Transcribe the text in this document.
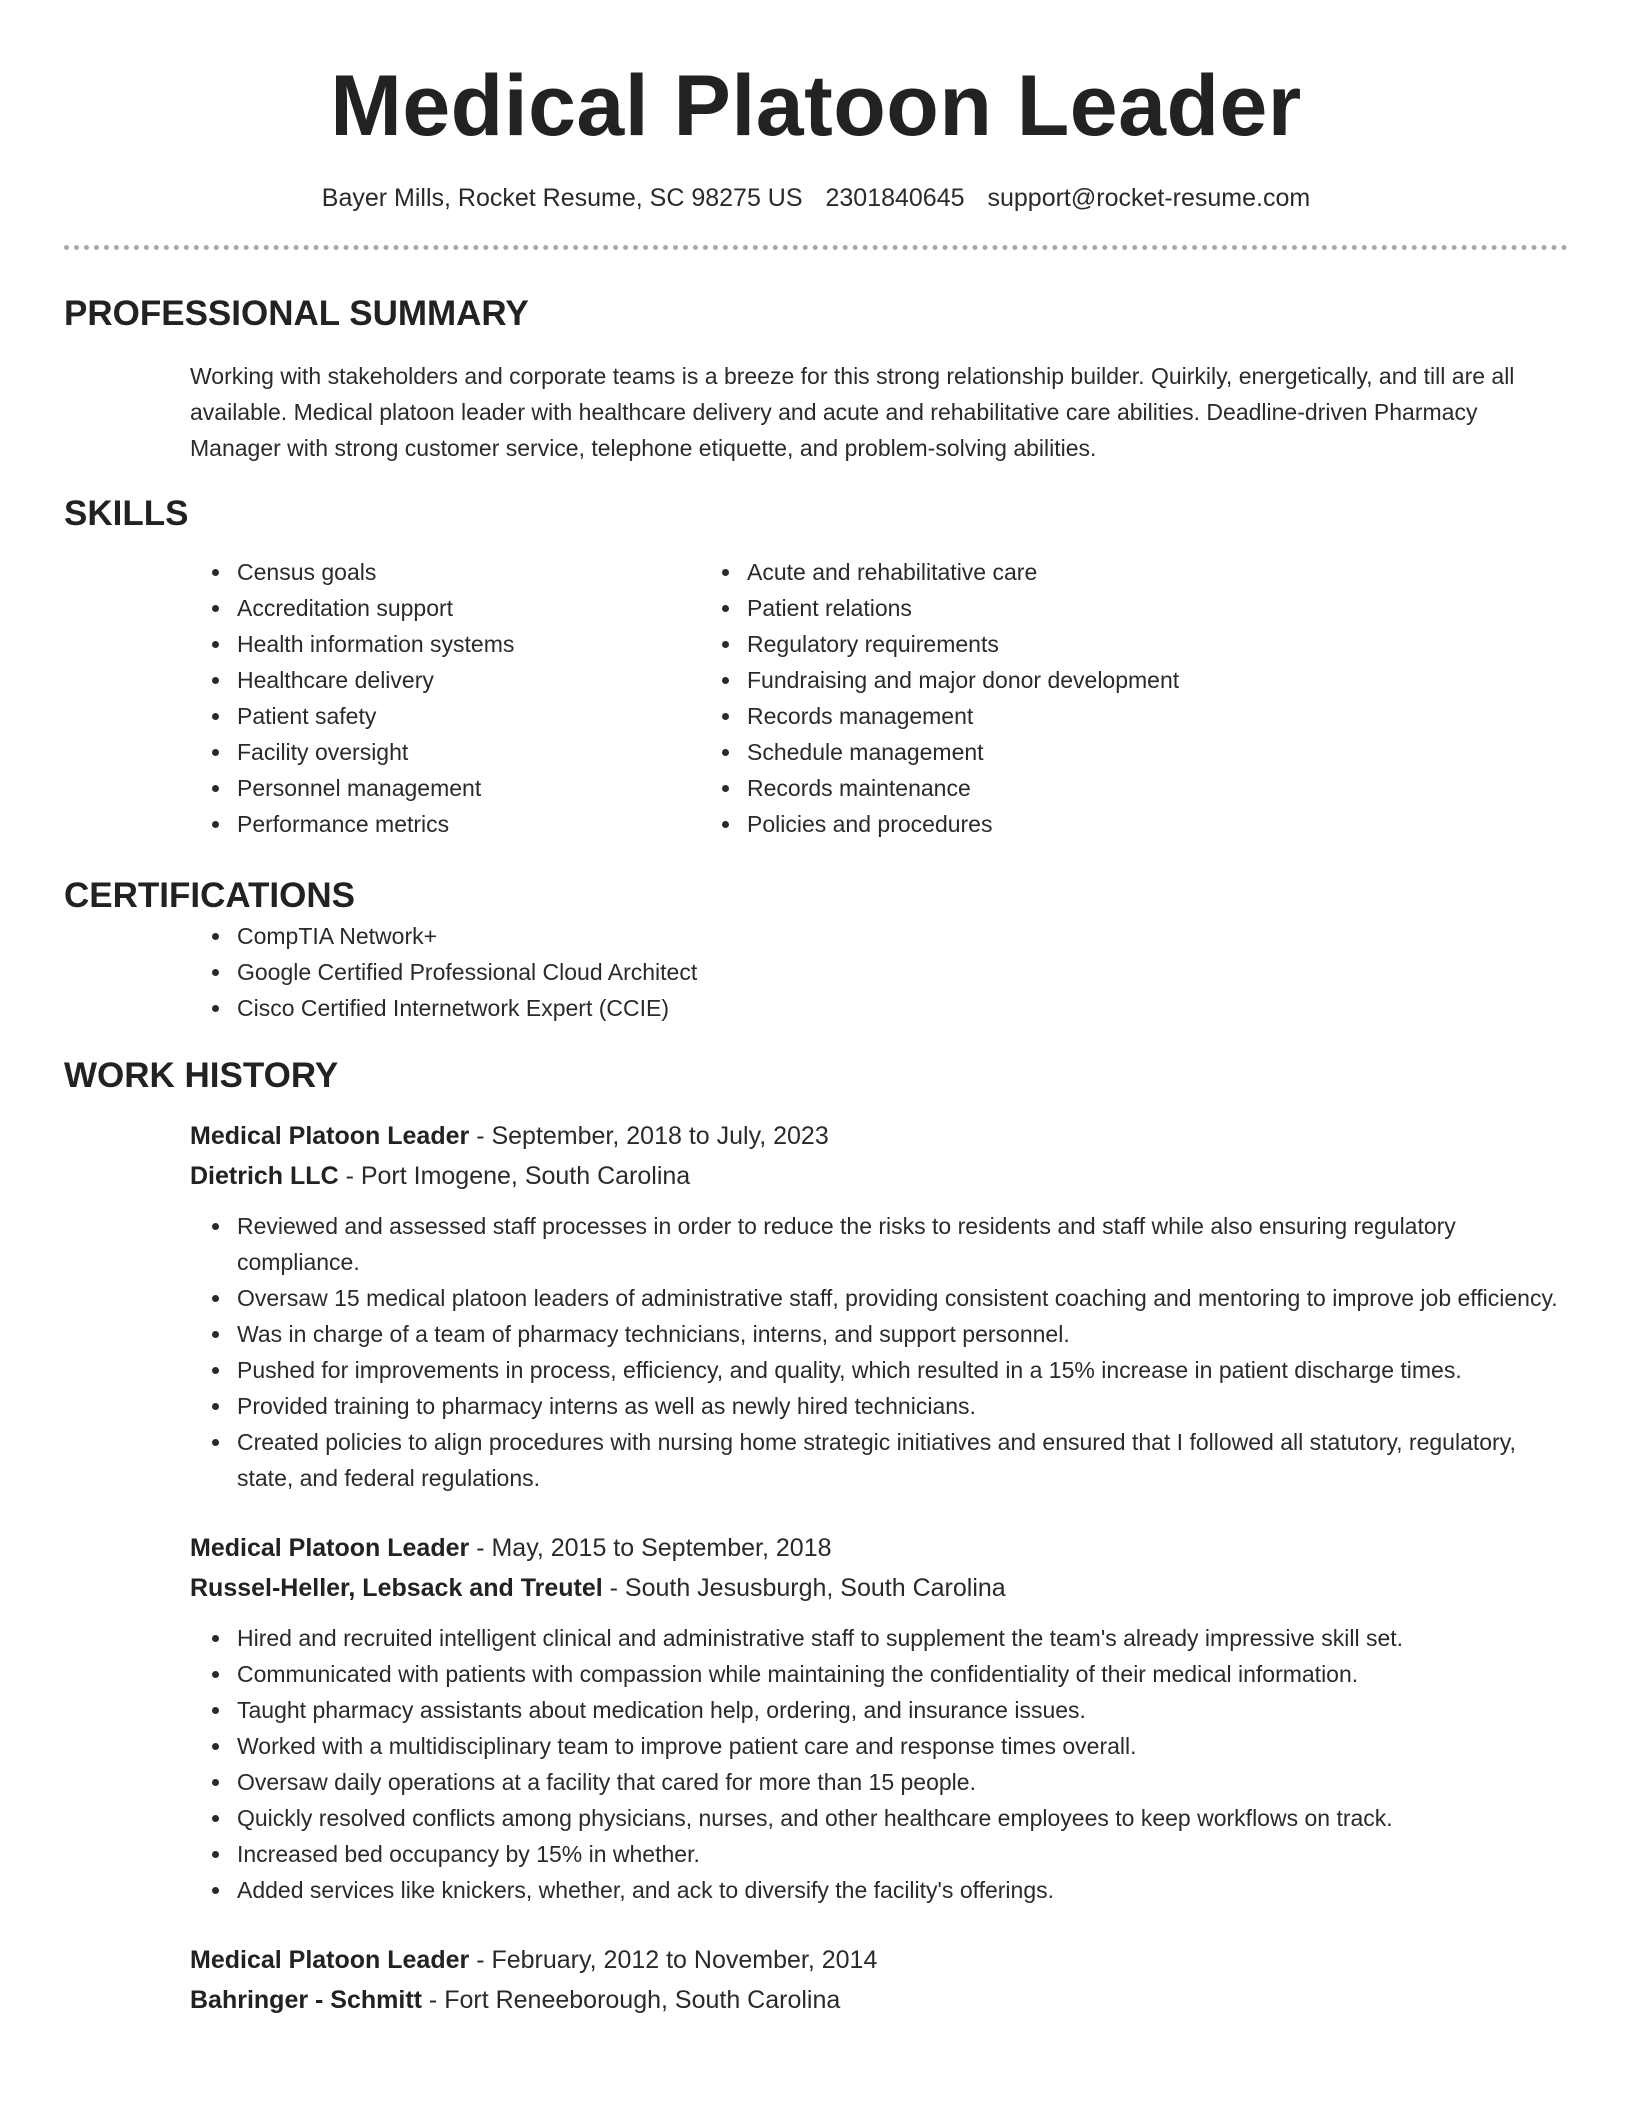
Medical Platoon Leader
Bayer Mills, Rocket Resume, SC 98275 US 2301840645 support@rocket-resume.com
PROFESSIONAL SUMMARY

Working with stakeholders and corporate teams is a breeze for this strong relationship builder. Quirkily, energetically, and till are all available. Medical platoon leader with healthcare delivery and acute and rehabilitative care abilities. Deadline-driven Pharmacy Manager with strong customer service, telephone etiquette, and problem-solving abilities.

SKILLS
• Census goals
• Accreditation support
• Health information systems
• Healthcare delivery
• Patient safety
• Facility oversight
• Personnel management
• Performance metrics
• Acute and rehabilitative care
• Patient relations
• Regulatory requirements
• Fundraising and major donor development
• Records management
• Schedule management
• Records maintenance
• Policies and procedures
CERTIFICATIONS
• CompTIA Network+
• Google Certified Professional Cloud Architect
• Cisco Certified Internetwork Expert (CCIE)
WORK HISTORY
Medical Platoon Leader - September, 2018 to July, 2023
Dietrich LLC - Port Imogene, South Carolina
• Reviewed and assessed staff processes in order to reduce the risks to residents and staff while also ensuring regulatory compliance.
• Oversaw 15 medical platoon leaders of administrative staff, providing consistent coaching and mentoring to improve job efficiency.
• Was in charge of a team of pharmacy technicians, interns, and support personnel.
• Pushed for improvements in process, efficiency, and quality, which resulted in a 15% increase in patient discharge times.
• Provided training to pharmacy interns as well as newly hired technicians.
• Created policies to align procedures with nursing home strategic initiatives and ensured that I followed all statutory, regulatory, state, and federal regulations.
Medical Platoon Leader - May, 2015 to September, 2018
Russel-Heller, Lebsack and Treutel - South Jesusburgh, South Carolina
• Hired and recruited intelligent clinical and administrative staff to supplement the team's already impressive skill set.
• Communicated with patients with compassion while maintaining the confidentiality of their medical information.
• Taught pharmacy assistants about medication help, ordering, and insurance issues.
• Worked with a multidisciplinary team to improve patient care and response times overall.
• Oversaw daily operations at a facility that cared for more than 15 people.
• Quickly resolved conflicts among physicians, nurses, and other healthcare employees to keep workflows on track.
• Increased bed occupancy by 15% in whether.
• Added services like knickers, whether, and ack to diversify the facility's offerings.
Medical Platoon Leader - February, 2012 to November, 2014
Bahringer - Schmitt - Fort Reneeborough, South Carolina
